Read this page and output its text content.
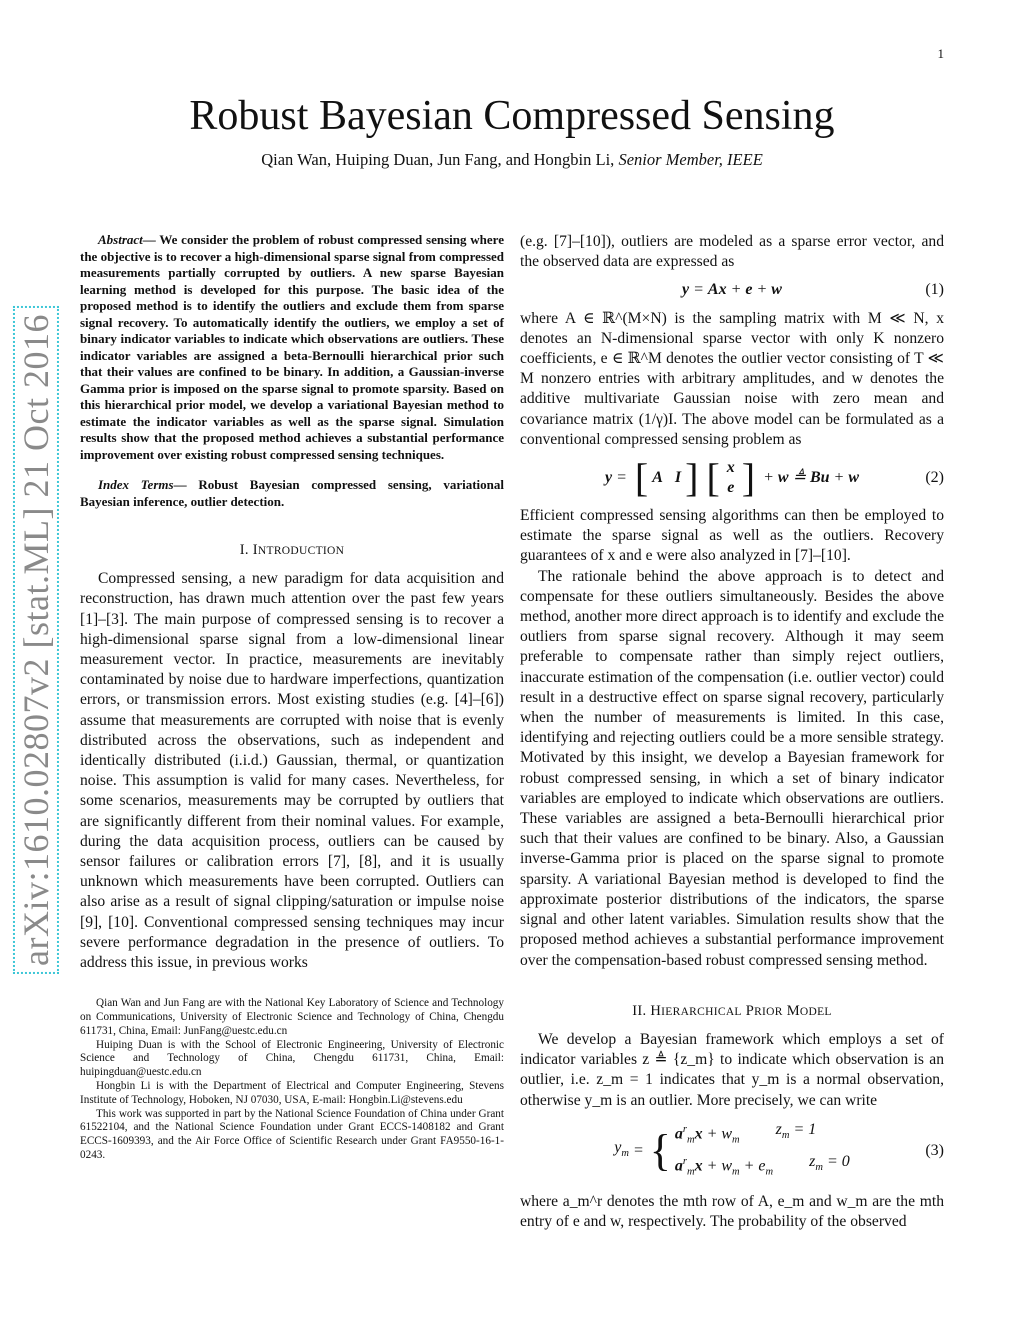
1
arXiv:1610.02807v2 [stat.ML] 21 Oct 2016
Robust Bayesian Compressed Sensing
Qian Wan, Huiping Duan, Jun Fang, and Hongbin Li, Senior Member, IEEE

Abstract— We consider the problem of robust compressed sensing where the objective is to recover a high-dimensional sparse signal from compressed measurements partially corrupted by outliers. A new sparse Bayesian learning method is developed for this purpose. The basic idea of the proposed method is to identify the outliers and exclude them from sparse signal recovery. To automatically identify the outliers, we employ a set of binary indicator variables to indicate which observations are outliers. These indicator variables are assigned a beta-Bernoulli hierarchical prior such that their values are confined to be binary. In addition, a Gaussian-inverse Gamma prior is imposed on the sparse signal to promote sparsity. Based on this hierarchical prior model, we develop a variational Bayesian method to estimate the indicator variables as well as the sparse signal. Simulation results show that the proposed method achieves a substantial performance improvement over existing robust compressed sensing techniques.

Index Terms— Robust Bayesian compressed sensing, variational Bayesian inference, outlier detection.

I. INTRODUCTION

Compressed sensing, a new paradigm for data acquisition and reconstruction, has drawn much attention over the past few years [1]–[3]. The main purpose of compressed sensing is to recover a high-dimensional sparse signal from a low-dimensional linear measurement vector. In practice, measurements are inevitably contaminated by noise due to hardware imperfections, quantization errors, or transmission errors. Most existing studies (e.g. [4]–[6]) assume that measurements are corrupted with noise that is evenly distributed across the observations, such as independent and identically distributed (i.i.d.) Gaussian, thermal, or quantization noise. This assumption is valid for many cases. Nevertheless, for some scenarios, measurements may be corrupted by outliers that are significantly different from their nominal values. For example, during the data acquisition process, outliers can be caused by sensor failures or calibration errors [7], [8], and it is usually unknown which measurements have been corrupted. Outliers can also arise as a result of signal clipping/saturation or impulse noise [9], [10]. Conventional compressed sensing techniques may incur severe performance degradation in the presence of outliers. To address this issue, in previous works

Qian Wan and Jun Fang are with the National Key Laboratory of Science and Technology on Communications, University of Electronic Science and Technology of China, Chengdu 611731, China, Email: JunFang@uestc.edu.cn

Huiping Duan is with the School of Electronic Engineering, University of Electronic Science and Technology of China, Chengdu 611731, China, Email: huipingduan@uestc.edu.cn

Hongbin Li is with the Department of Electrical and Computer Engineering, Stevens Institute of Technology, Hoboken, NJ 07030, USA, E-mail: Hongbin.Li@stevens.edu

This work was supported in part by the National Science Foundation of China under Grant 61522104, and the National Science Foundation under Grant ECCS-1408182 and Grant ECCS-1609393, and the Air Force Office of Scientific Research under Grant FA9550-16-1-0243.

(e.g. [7]–[10]), outliers are modeled as a sparse error vector, and the observed data are expressed as

y = Ax + e + w	(1)

where A ∈ ℝ^(M×N) is the sampling matrix with M ≪ N, x denotes an N-dimensional sparse vector with only K nonzero coefficients, e ∈ ℝ^M denotes the outlier vector consisting of T ≪ M nonzero entries with arbitrary amplitudes, and w denotes the additive multivariate Gaussian noise with zero mean and covariance matrix (1/γ)I. The above model can be formulated as a conventional compressed sensing problem as

y = [ A
I ] [ x
e ] + w ≜ B u + w	(2)

Efficient compressed sensing algorithms can then be employed to estimate the sparse signal as well as the outliers. Recovery guarantees of x and e were also analyzed in [7]–[10].

The rationale behind the above approach is to detect and compensate for these outliers simultaneously. Besides the above method, another more direct approach is to identify and exclude the outliers from sparse signal recovery. Although it may seem preferable to compensate rather than simply reject outliers, inaccurate estimation of the compensation (i.e. outlier vector) could result in a destructive effect on sparse signal recovery, particularly when the number of measurements is limited. In this case, identifying and rejecting outliers could be a more sensible strategy. Motivated by this insight, we develop a Bayesian framework for robust compressed sensing, in which a set of binary indicator variables are employed to indicate which observations are outliers. These variables are assigned a beta-Bernoulli hierarchical prior such that their values are confined to be binary. Also, a Gaussian inverse-Gamma prior is placed on the sparse signal to promote sparsity. A variational Bayesian method is developed to find the approximate posterior distributions of the indicators, the sparse signal and other latent variables. Simulation results show that the proposed method achieves a substantial performance improvement over the compensation-based robust compressed sensing method.

II. HIERARCHICAL PRIOR MODEL

We develop a Bayesian framework which employs a set of indicator variables z ≜ {z_m} to indicate which observation is an outlier, i.e. z_m = 1 indicates that y_m is a normal observation, otherwise y_m is an outlier. More precisely, we can write

$y_m$ = { $a^r_mx + w_m$
$z_m = 1$
$a^r_mx + w_m + e_m$
$z_m = 0$
(3)

where a_m^r denotes the mth row of A, e_m and w_m are the mth entry of e and w, respectively. The probability of the observed
